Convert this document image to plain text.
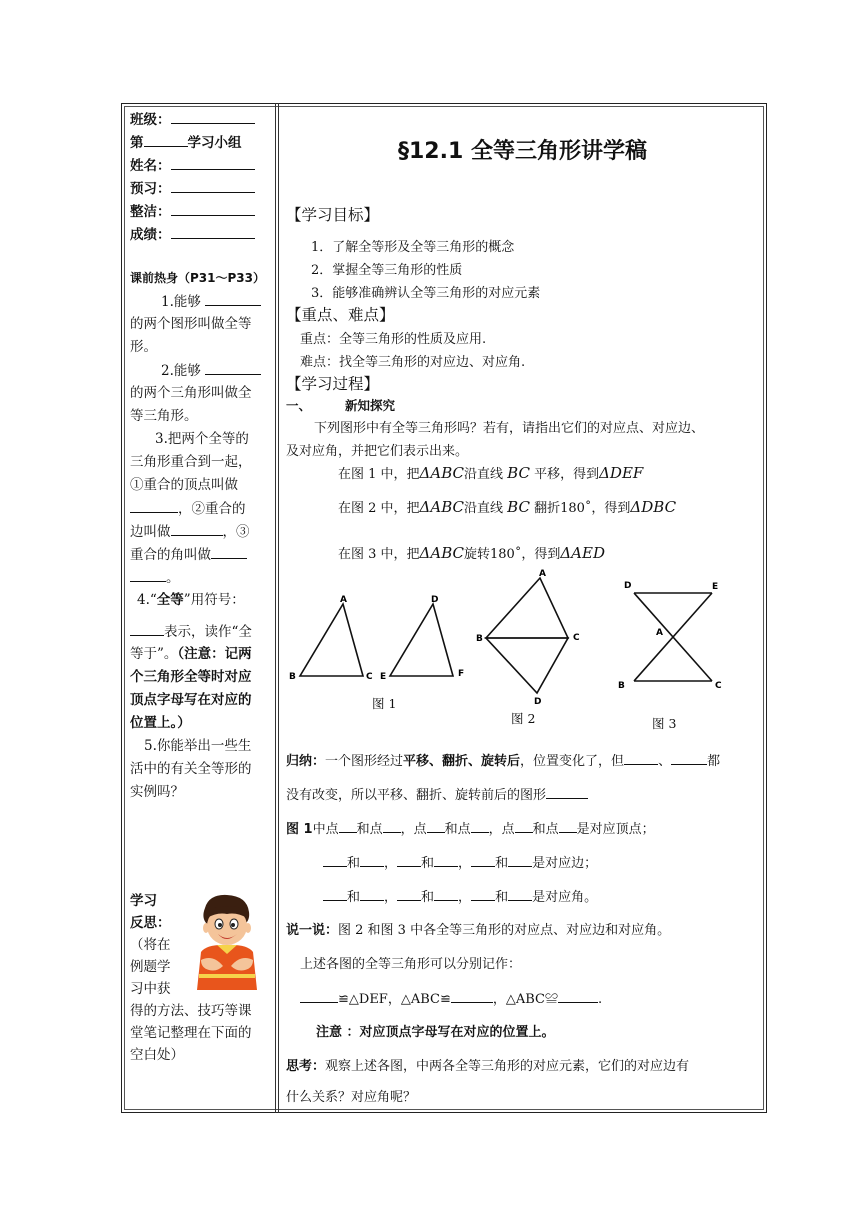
班级：
第	学习小组
姓名：
预习：
整洁：
成绩：
课前热身（P31～P33）
1.能够
的两个图形叫做全等
形。
2.能够
的两个三角形叫做全
等三角形。
3.把两个全等的
三角形重合到一起，
①重合的顶点叫做
，②重合的
边叫做	，③
重合的角叫做
。
4.“全等”用符号：
表示，读作“全
等于”。（注意：记两
个三角形全等时对应
顶点字母写在对应的
位置上。）
5.你能举出一些生
活中的有关全等形的
实例吗？
学习
反思：
（将在
例题学
习中获
得的方法、技巧等课
堂笔记整理在下面的
空白处）
§12.1 全等三角形讲学稿
【学习目标】
1．了解全等形及全等三角形的概念
2．掌握全等三角形的性质
3．能够准确辨认全等三角形的对应元素
【重点、难点】
重点：全等三角形的性质及应用.
难点：找全等三角形的对应边、对应角.
【学习过程】
一、	新知探究
下列图形中有全等三角形吗？若有，请指出它们的对应点、对应边、
及对应角，并把它们表示出来。
在图 1 中，把ΔABC沿直线 BC 平移，得到ΔDEF
在图 2 中，把ΔABC沿直线 BC 翻折180˚，得到ΔDBC
在图 3 中，把ΔABC旋转180˚，得到ΔAED
A
B	C
D
E	F
图 1
A
B	C
D
图 2
D	E
A
B	C
图 3
归纳：一个图形经过平移、翻折、旋转后，位置变化了，但	、	都
没有改变，所以平移、翻折、旋转前后的图形
图 1中点 和点 ，点 和点 ，点 和点 是对应顶点；
和 ， 和 ， 和 是对应边；
和 ， 和 ， 和 是对应角。
说一说：图 2 和图 3 中各全等三角形的对应点、对应边和对应角。
上述各图的全等三角形可以分别记作：
≌△DEF，△ABC≌	，△ABC≌	.
注意 ：对应顶点字母写在对应的位置上。
思考：观察上述各图，中两各全等三角形的对应元素，它们的对应边有
什么关系？对应角呢？
